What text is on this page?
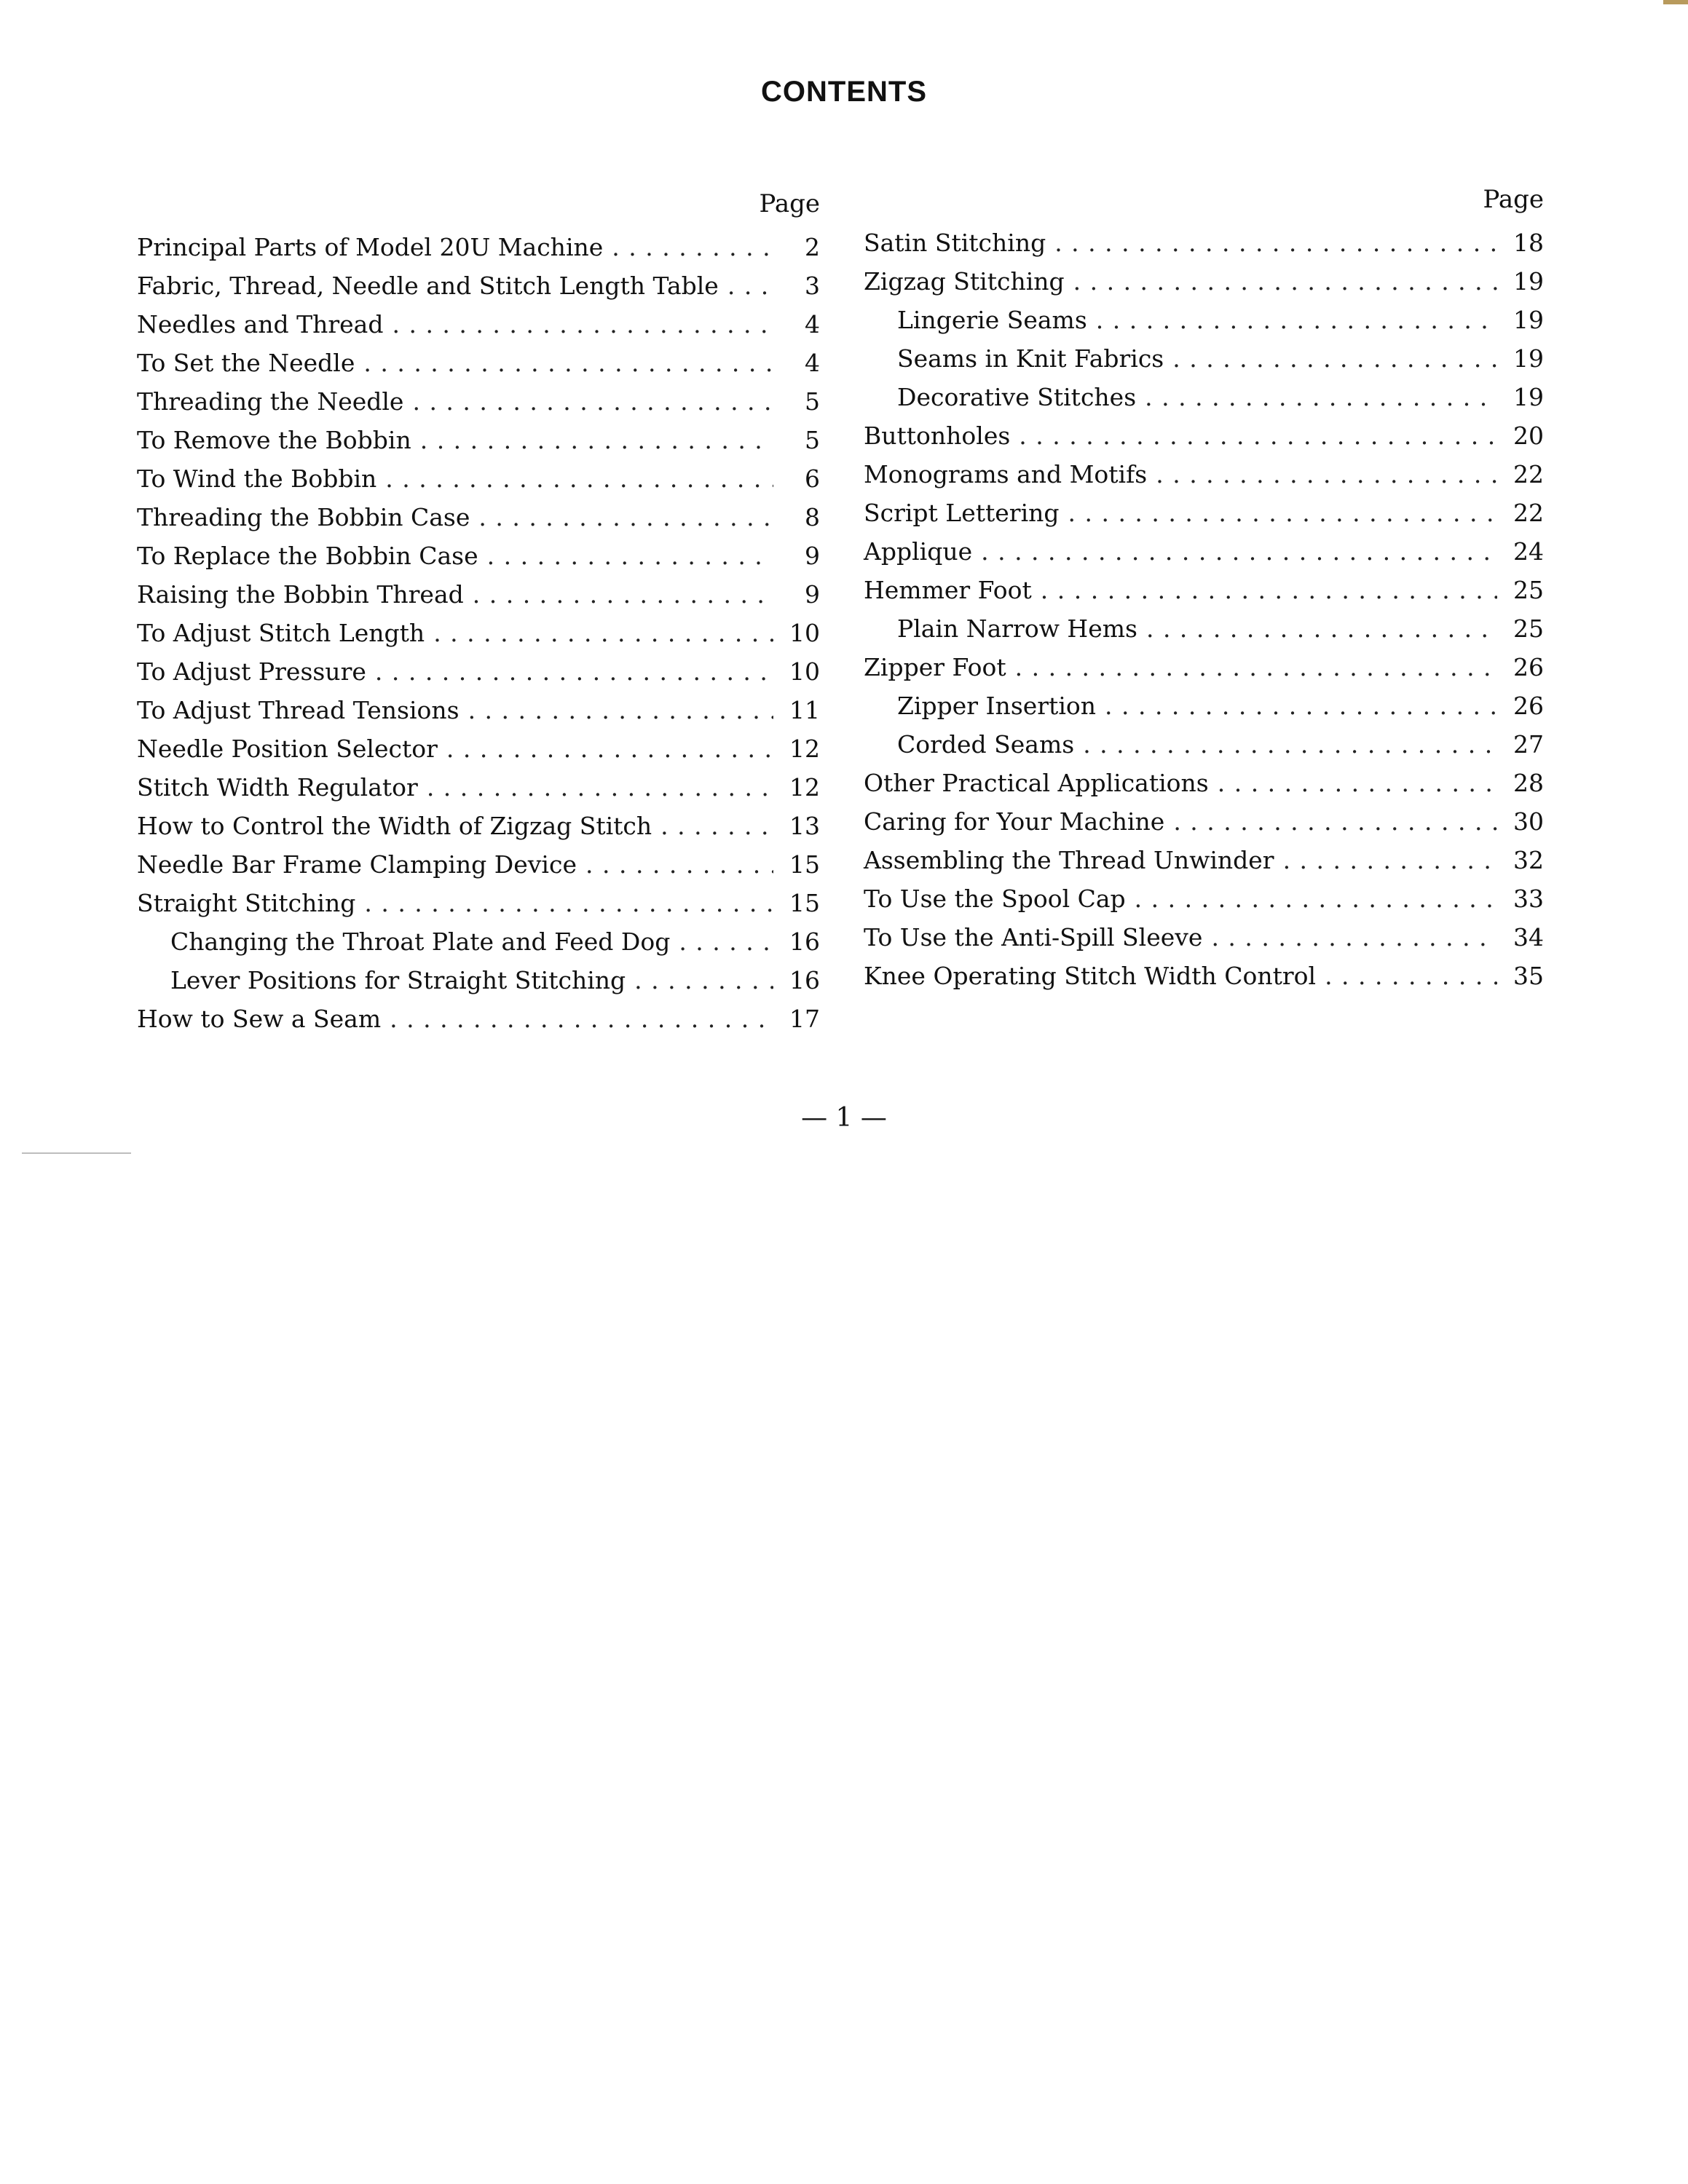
CONTENTS
Page
Principal Parts of Model 20U Machine . . .	2
Fabric, Thread, Needle and Stitch Length Table . . .	3
Needles and Thread . . .	4
To Set the Needle . . .	4
Threading the Needle . . .	5
To Remove the Bobbin . . .	5
To Wind the Bobbin . . .	6
Threading the Bobbin Case . . .	8
To Replace the Bobbin Case . . .	9
Raising the Bobbin Thread . . .	9
To Adjust Stitch Length . . .	10
To Adjust Pressure . . .	10
To Adjust Thread Tensions . . .	11
Needle Position Selector . . .	12
Stitch Width Regulator . . .	12
How to Control the Width of Zigzag Stitch . . .	13
Needle Bar Frame Clamping Device . . .	15
Straight Stitching . . .	15
Changing the Throat Plate and Feed Dog . . .	16
Lever Positions for Straight Stitching . . .	16
How to Sew a Seam . . .	17
Page
Satin Stitching . . .	18
Zigzag Stitching . . .	19
Lingerie Seams . . .	19
Seams in Knit Fabrics . . .	19
Decorative Stitches . . .	19
Buttonholes . . .	20
Monograms and Motifs . . .	22
Script Lettering . . .	22
Applique . . .	24
Hemmer Foot . . .	25
Plain Narrow Hems . . .	25
Zipper Foot . . .	26
Zipper Insertion . . .	26
Corded Seams . . .	27
Other Practical Applications . . .	28
Caring for Your Machine . . .	30
Assembling the Thread Unwinder . . .	32
To Use the Spool Cap . . .	33
To Use the Anti-Spill Sleeve . . .	34
Knee Operating Stitch Width Control . . .	35
— 1 —
